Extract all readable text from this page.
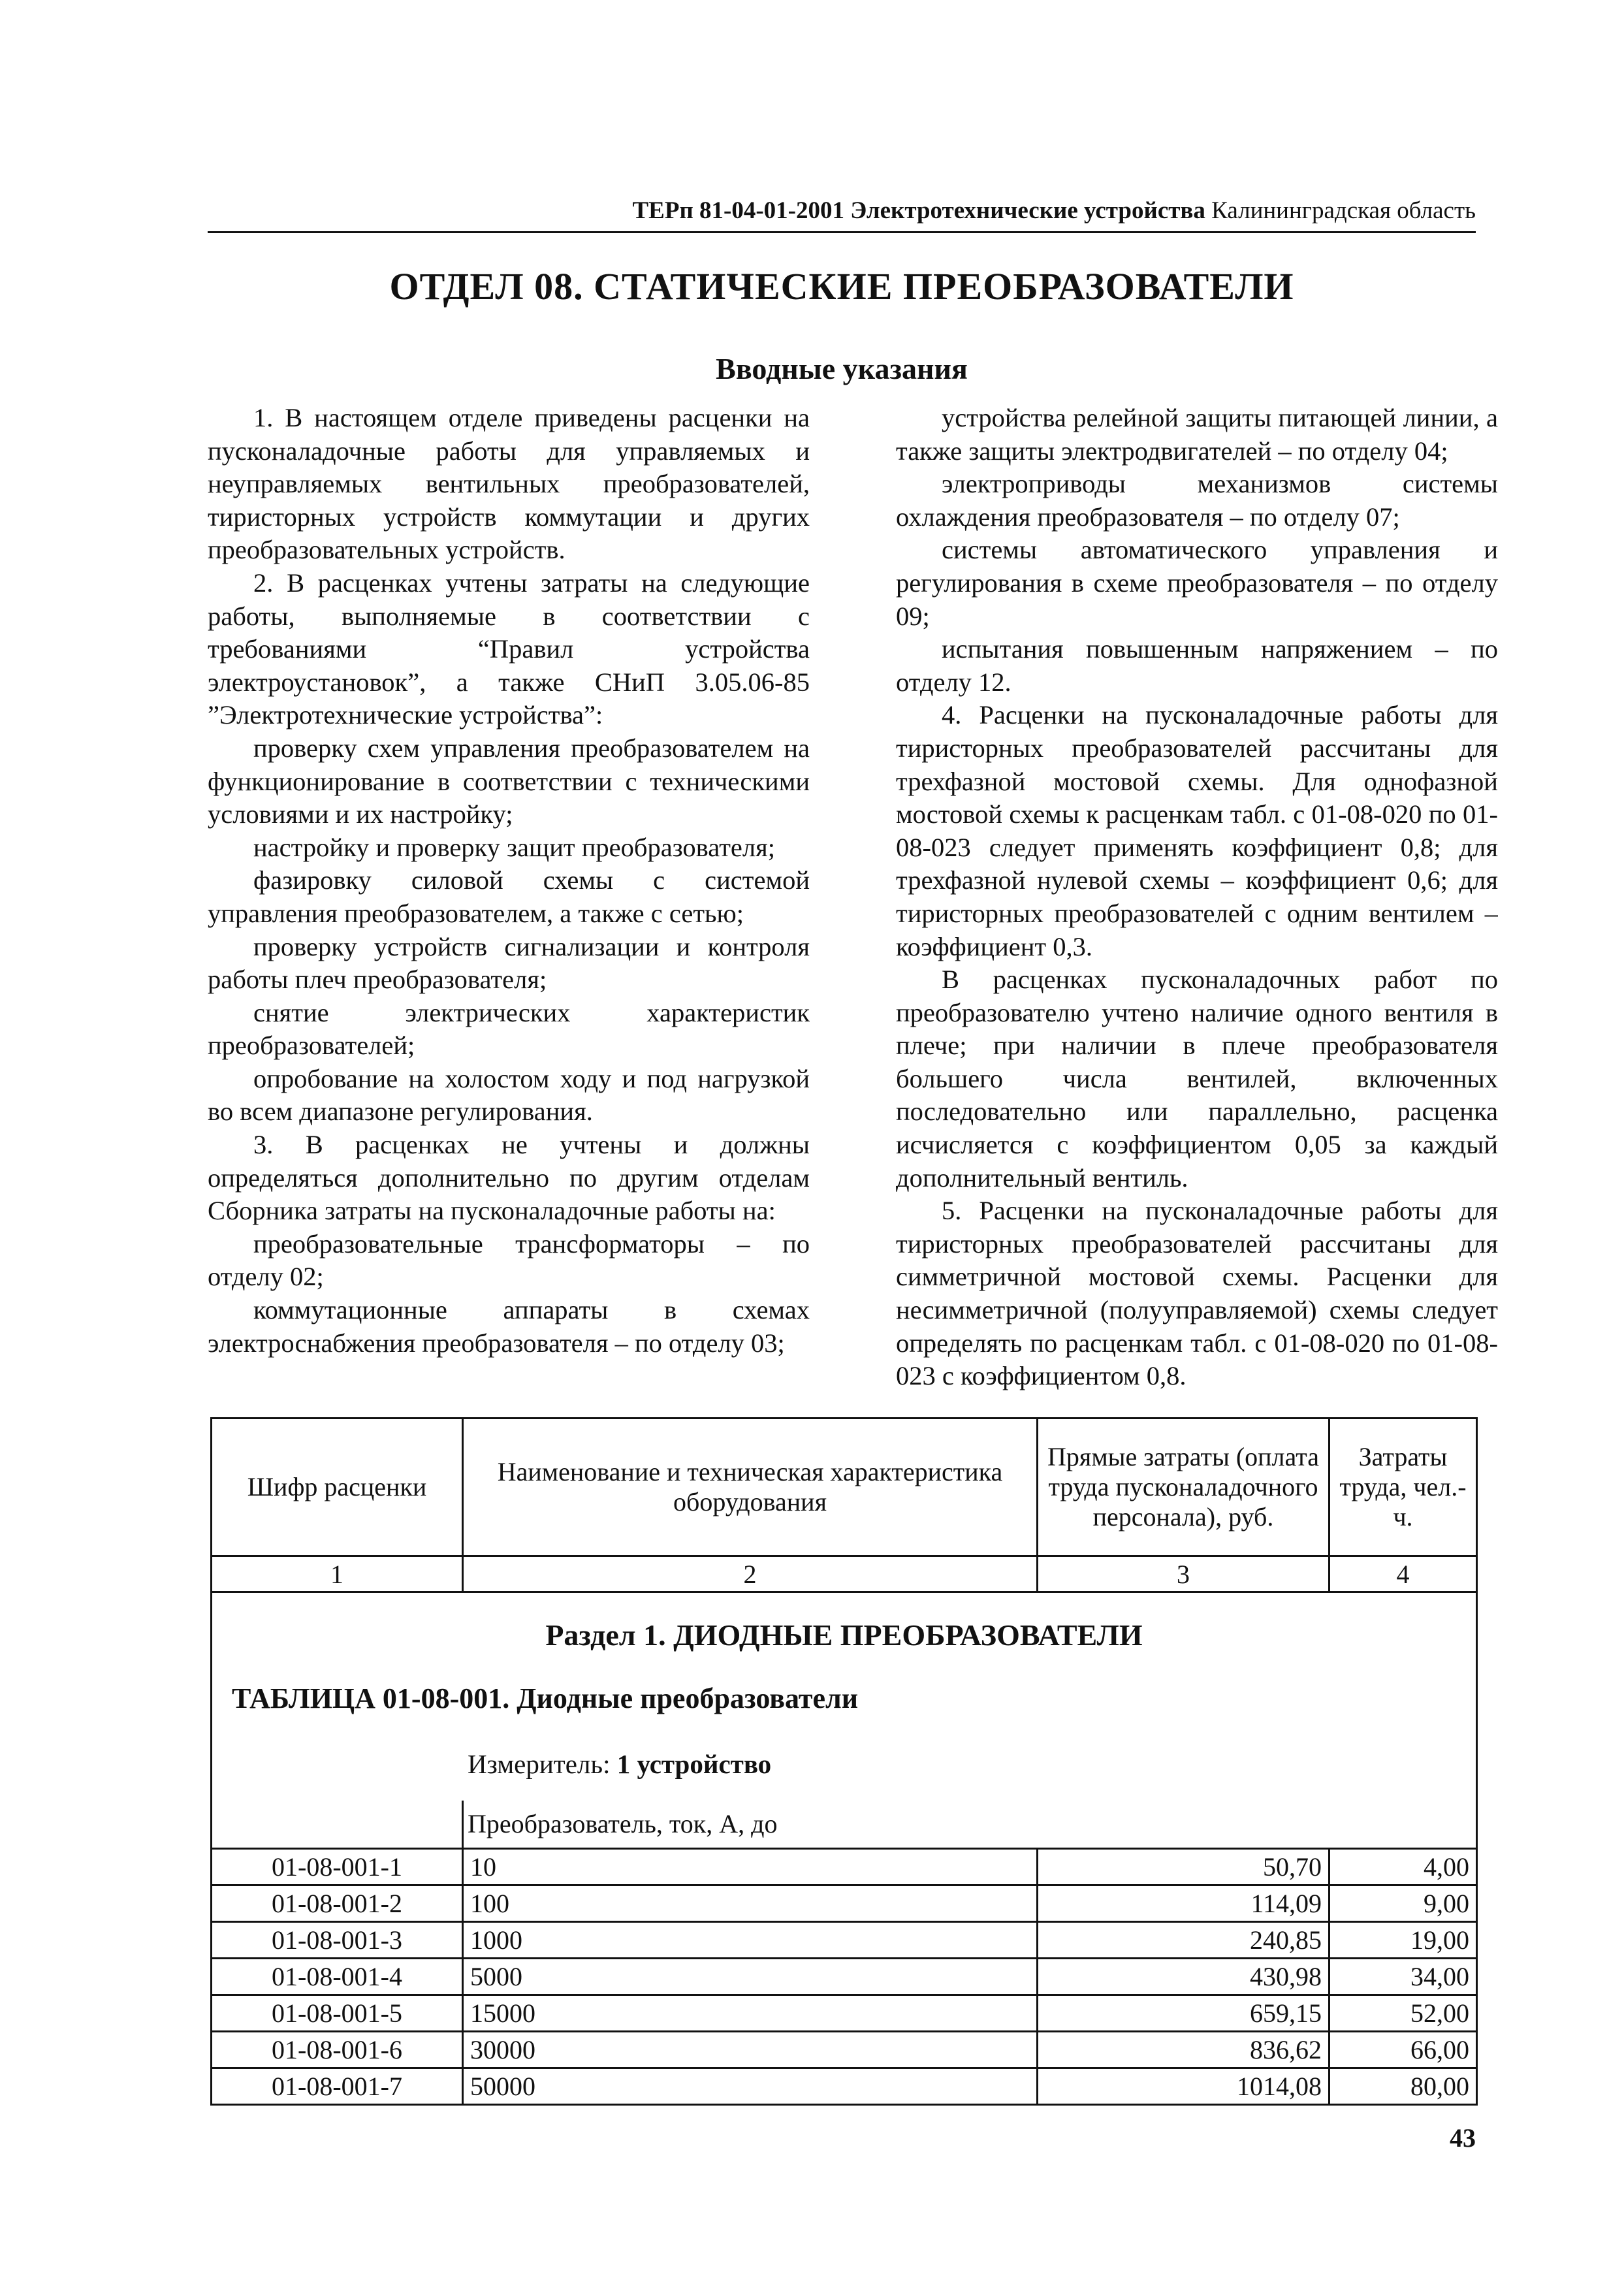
ТЕРп 81-04-01-2001 Электротехнические устройства Калининградская область
ОТДЕЛ 08. СТАТИЧЕСКИЕ ПРЕОБРАЗОВАТЕЛИ
Вводные указания

1. В настоящем отделе приведены расценки на пусконаладочные работы для управляемых и неуправляемых вентильных преобразователей, тиристорных устройств коммутации и других преобразовательных устройств.

2. В расценках учтены затраты на следующие работы, выполняемые в соответствии с требованиями “Правил устройства электроустановок”, а также СНиП 3.05.06-85 ”Электротехнические устройства”:

проверку схем управления преобразователем на функционирование в соответствии с техническими условиями и их настройку;

настройку и проверку защит преобразователя;

фазировку силовой схемы с системой управления преобразователем, а также с сетью;

проверку устройств сигнализации и контроля работы плеч преобразователя;

снятие электрических характеристик преобразователей;

опробование на холостом ходу и под нагрузкой во всем диапазоне регулирования.

3. В расценках не учтены и должны определяться дополнительно по другим отделам Сборника затраты на пусконаладочные работы на:

преобразовательные трансформаторы – по отделу 02;

коммутационные аппараты в схемах электроснабжения преобразователя – по отделу 03;

устройства релейной защиты питающей линии, а также защиты электродвигателей – по отделу 04;

электроприводы механизмов системы охлаждения преобразователя – по отделу 07;

системы автоматического управления и регулирования в схеме преобразователя – по отделу 09;

испытания повышенным напряжением – по отделу 12.

4. Расценки на пусконаладочные работы для тиристорных преобразователей рассчитаны для трехфазной мостовой схемы. Для однофазной мостовой схемы к расценкам табл. с 01-08-020 по 01-08-023 следует применять коэффициент 0,8; для трехфазной нулевой схемы – коэффициент 0,6; для тиристорных преобразователей с одним вентилем – коэффициент 0,3.

В расценках пусконаладочных работ по преобразователю учтено наличие одного вентиля в плече; при наличии в плече преобразователя большего числа вентилей, включенных последовательно или параллельно, расценка исчисляется с коэффициентом 0,05 за каждый дополнительный вентиль.

5. Расценки на пусконаладочные работы для тиристорных преобразователей рассчитаны для симметричной мостовой схемы. Расценки для несимметричной (полууправляемой) схемы следует определять по расценкам табл. с 01-08-020 по 01-08-023 с коэффициентом 0,8.

Шифр расценки	Наименование и техническая характеристика оборудования	Прямые затраты (оплата труда пусконаладочного персонала), руб.	Затраты труда, чел.-ч.
1	2	3	4

Раздел 1. ДИОДНЫЕ ПРЕОБРАЗОВАТЕЛИ
ТАБЛИЦА 01-08-001. Диодные преобразователи
Измеритель: 1 устройство
Преобразователь, ток, А, до			

01-08-001-1	10	50,70	4,00
01-08-001-2	100	114,09	9,00
01-08-001-3	1000	240,85	19,00
01-08-001-4	5000	430,98	34,00
01-08-001-5	15000	659,15	52,00
01-08-001-6	30000	836,62	66,00
01-08-001-7	50000	1014,08	80,00
43
